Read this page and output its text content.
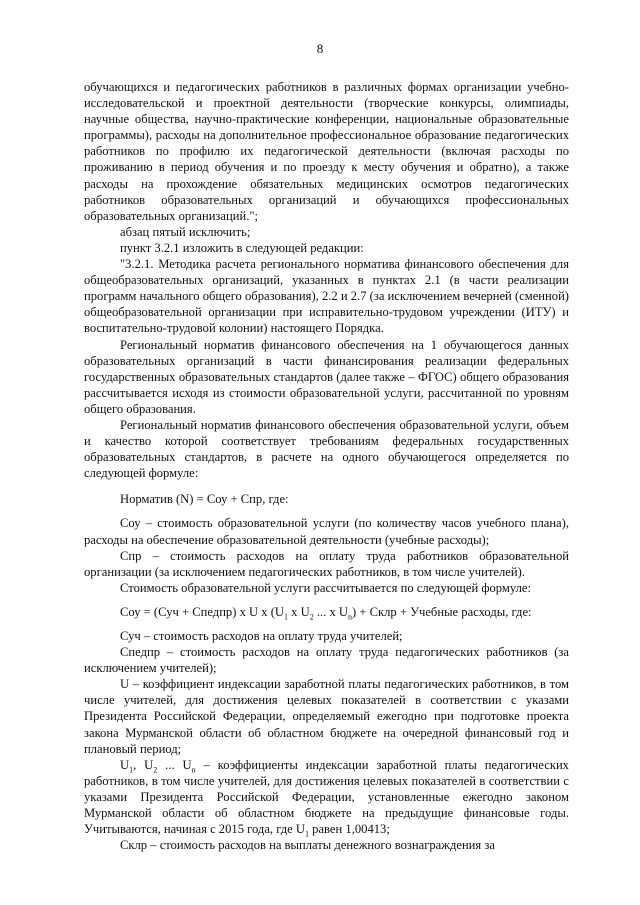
8

обучающихся и педагогических работников в различных формах организации учебно-исследовательской и проектной деятельности (творческие конкурсы, олимпиады, научные общества, научно-практические конференции, национальные образовательные программы), расходы на дополнительное профессиональное образование педагогических работников по профилю их педагогической деятельности (включая расходы по проживанию в период обучения и по проезду к месту обучения и обратно), а также расходы на прохождение обязательных медицинских осмотров педагогических работников образовательных организаций и обучающихся профессиональных образовательных организаций.";

абзац пятый исключить;

пункт 3.2.1 изложить в следующей редакции:

"3.2.1. Методика расчета регионального норматива финансового обеспечения для общеобразовательных организаций, указанных в пунктах 2.1 (в части реализации программ начального общего образования), 2.2 и 2.7 (за исключением вечерней (сменной) общеобразовательной организации при исправительно-трудовом учреждении (ИТУ) и воспитательно-трудовой колонии) настоящего Порядка.

Региональный норматив финансового обеспечения на 1 обучающегося данных образовательных организаций в части финансирования реализации федеральных государственных образовательных стандартов (далее также – ФГОС) общего образования рассчитывается исходя из стоимости образовательной услуги, рассчитанной по уровням общего образования.

Региональный норматив финансового обеспечения образовательной услуги, объем и качество которой соответствует требованиям федеральных государственных образовательных стандартов, в расчете на одного обучающегося определяется по следующей формуле:

Норматив (N) = Соу + Спр, где:

Соу – стоимость образовательной услуги (по количеству часов учебного плана), расходы на обеспечение образовательной деятельности (учебные расходы);

Спр – стоимость расходов на оплату труда работников образовательной организации (за исключением педагогических работников, в том числе учителей).

Стоимость образовательной услуги рассчитывается по следующей формуле:

Соу = (Суч + Спедпр) x U x ($U_1$ x $U_2$ ... x $U_n$) + Склр + Учебные расходы, где:

Суч – стоимость расходов на оплату труда учителей;

Спедпр – стоимость расходов на оплату труда педагогических работников (за исключением учителей);

U – коэффициент индексации заработной платы педагогических работников, в том числе учителей, для достижения целевых показателей в соответствии с указами Президента Российской Федерации, определяемый ежегодно при подготовке проекта закона Мурманской области об областном бюджете на очередной финансовый год и плановый период;

$U_1$, $U_2$ ... $U_n$ – коэффициенты индексации заработной платы педагогических работников, в том числе учителей, для достижения целевых показателей в соответствии с указами Президента Российской Федерации, установленные ежегодно законом Мурманской области об областном бюджете на предыдущие финансовые годы. Учитываются, начиная с 2015 года, где $U_1$ равен 1,00413;

Склр – стоимость расходов на выплаты денежного вознаграждения за
